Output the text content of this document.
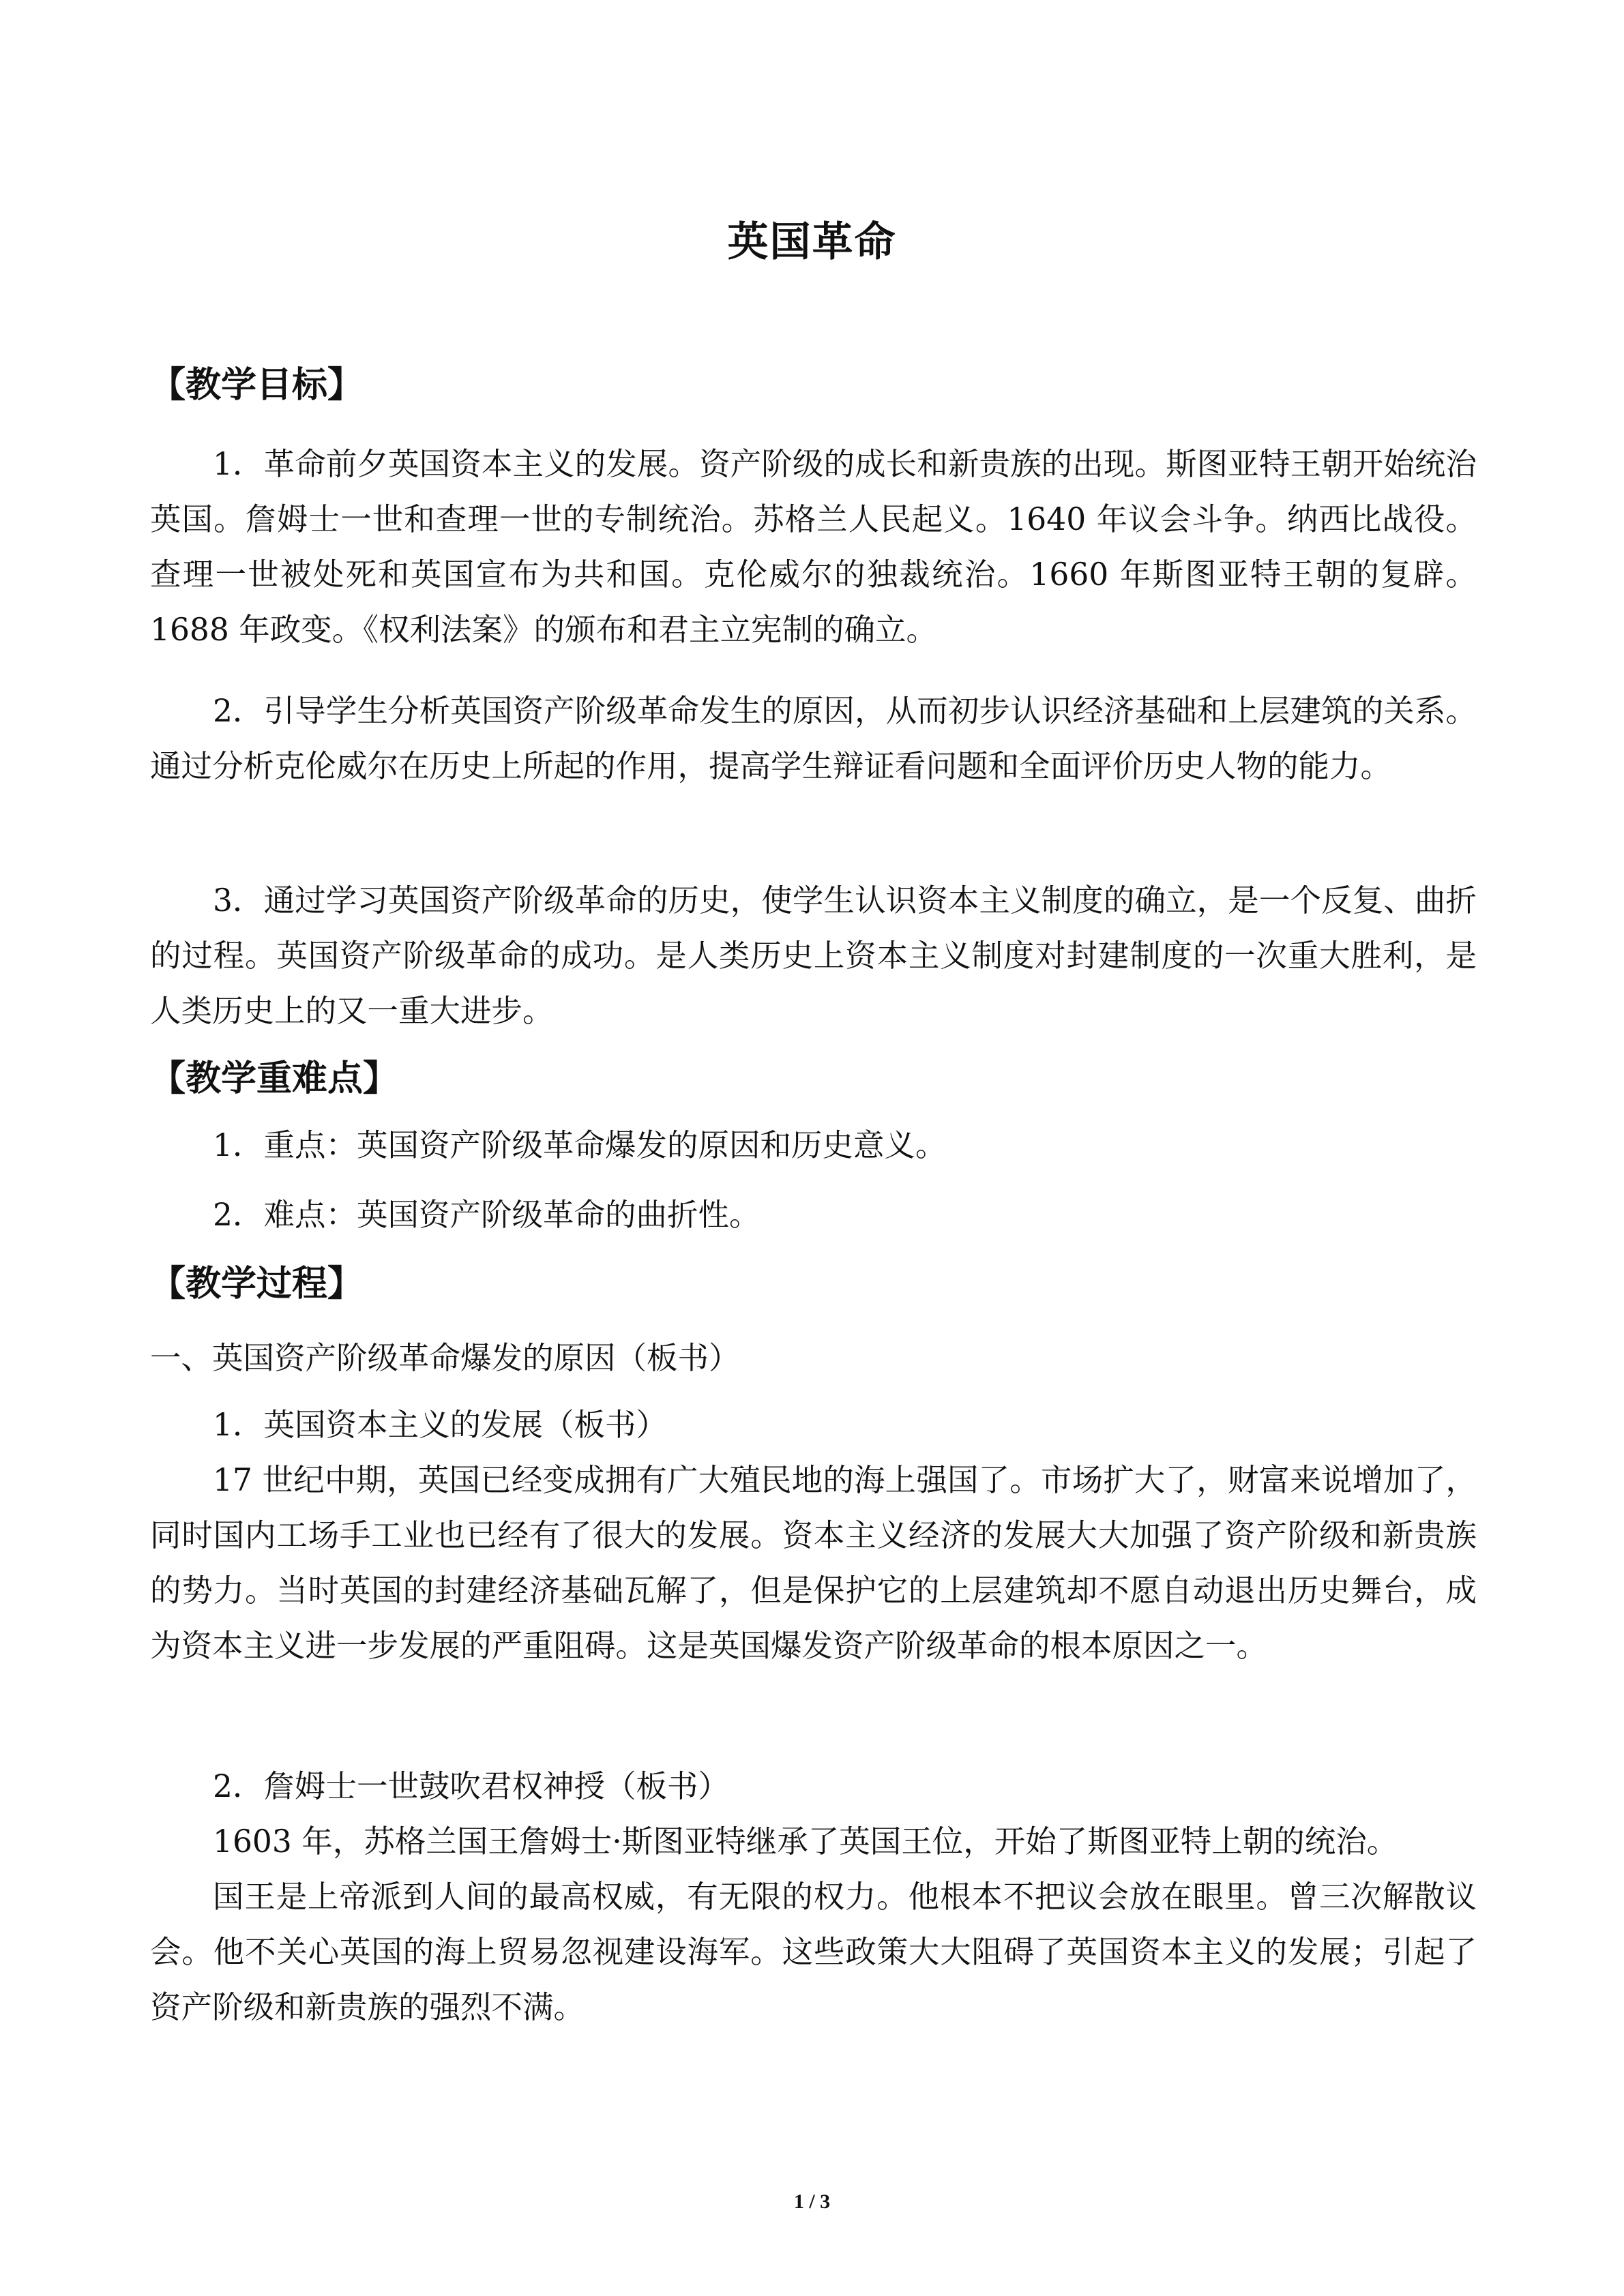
英国革命
【教学目标】

1．革命前夕英国资本主义的发展。资产阶级的成长和新贵族的出现。斯图亚特王朝开始统治英国。詹姆士一世和查理一世的专制统治。苏格兰人民起义。1640 年议会斗争。纳西比战役。查理一世被处死和英国宣布为共和国。克伦威尔的独裁统治。1660 年斯图亚特王朝的复辟。1688 年政变。《权利法案》的颁布和君主立宪制的确立。

2．引导学生分析英国资产阶级革命发生的原因，从而初步认识经济基础和上层建筑的关系。通过分析克伦威尔在历史上所起的作用，提高学生辩证看问题和全面评价历史人物的能力。

3．通过学习英国资产阶级革命的历史，使学生认识资本主义制度的确立，是一个反复、曲折的过程。英国资产阶级革命的成功。是人类历史上资本主义制度对封建制度的一次重大胜利，是人类历史上的又一重大进步。

【教学重难点】
1．重点：英国资产阶级革命爆发的原因和历史意义。
2．难点：英国资产阶级革命的曲折性。
【教学过程】
一、英国资产阶级革命爆发的原因（板书）
1．英国资本主义的发展（板书）

17 世纪中期，英国已经变成拥有广大殖民地的海上强国了。市场扩大了，财富来说增加了，同时国内工场手工业也已经有了很大的发展。资本主义经济的发展大大加强了资产阶级和新贵族的势力。当时英国的封建经济基础瓦解了，但是保护它的上层建筑却不愿自动退出历史舞台，成为资本主义进一步发展的严重阻碍。这是英国爆发资产阶级革命的根本原因之一。

2．詹姆士一世鼓吹君权神授（板书）

1603 年，苏格兰国王詹姆士·斯图亚特继承了英国王位，开始了斯图亚特上朝的统治。

国王是上帝派到人间的最高权威，有无限的权力。他根本不把议会放在眼里。曾三次解散议会。他不关心英国的海上贸易忽视建设海军。这些政策大大阻碍了英国资本主义的发展；引起了资产阶级和新贵族的强烈不满。

1 / 3
